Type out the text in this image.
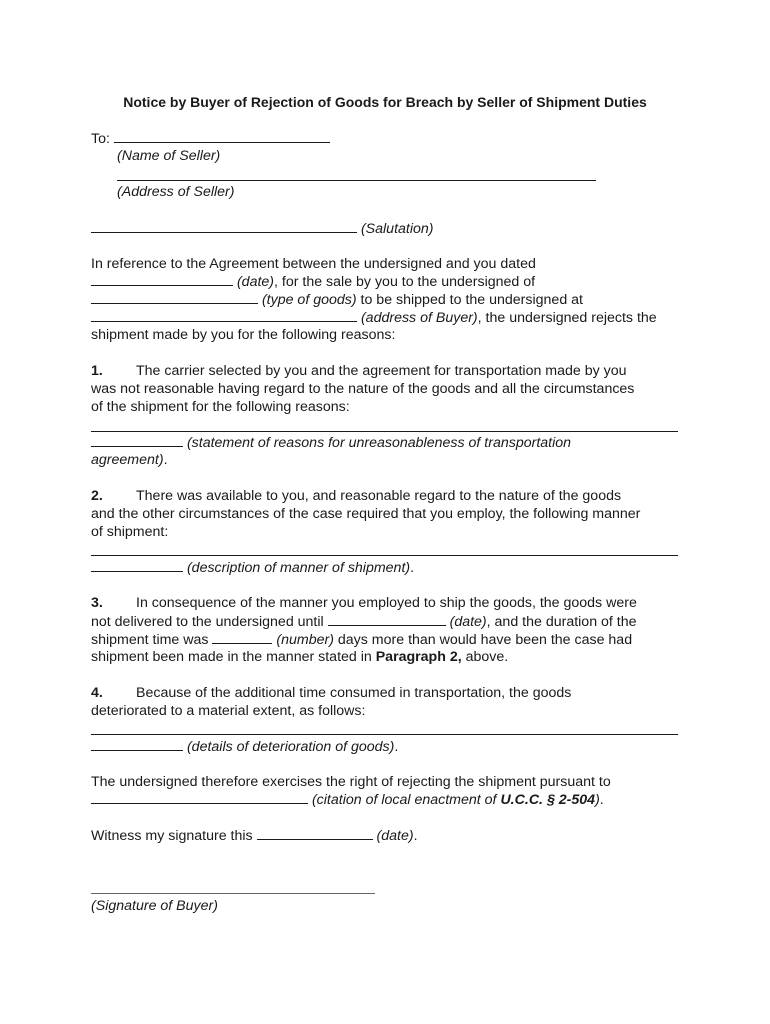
Notice by Buyer of Rejection of Goods for Breach by Seller of Shipment Duties
To:
(Name of Seller)
(Address of Seller)
(Salutation)
In reference to the Agreement between the undersigned and you dated
(date), for the sale by you to the undersigned of
(type of goods) to be shipped to the undersigned at
(address of Buyer), the undersigned rejects the
shipment made by you for the following reasons:
1. The carrier selected by you and the agreement for transportation made by you
was not reasonable having regard to the nature of the goods and all the circumstances
of the shipment for the following reasons:
(statement of reasons for unreasonableness of transportation
agreement).
2. There was available to you, and reasonable regard to the nature of the goods
and the other circumstances of the case required that you employ, the following manner
of shipment:
(description of manner of shipment).
3. In consequence of the manner you employed to ship the goods, the goods were
not delivered to the undersigned until	(date), and the duration of the
shipment time was	(number) days more than would have been the case had
shipment been made in the manner stated in Paragraph 2, above.
4. Because of the additional time consumed in transportation, the goods
deteriorated to a material extent, as follows:
(details of deterioration of goods).
The undersigned therefore exercises the right of rejecting the shipment pursuant to
(citation of local enactment of U.C.C. § 2-504).
Witness my signature this	(date).
(Signature of Buyer)
